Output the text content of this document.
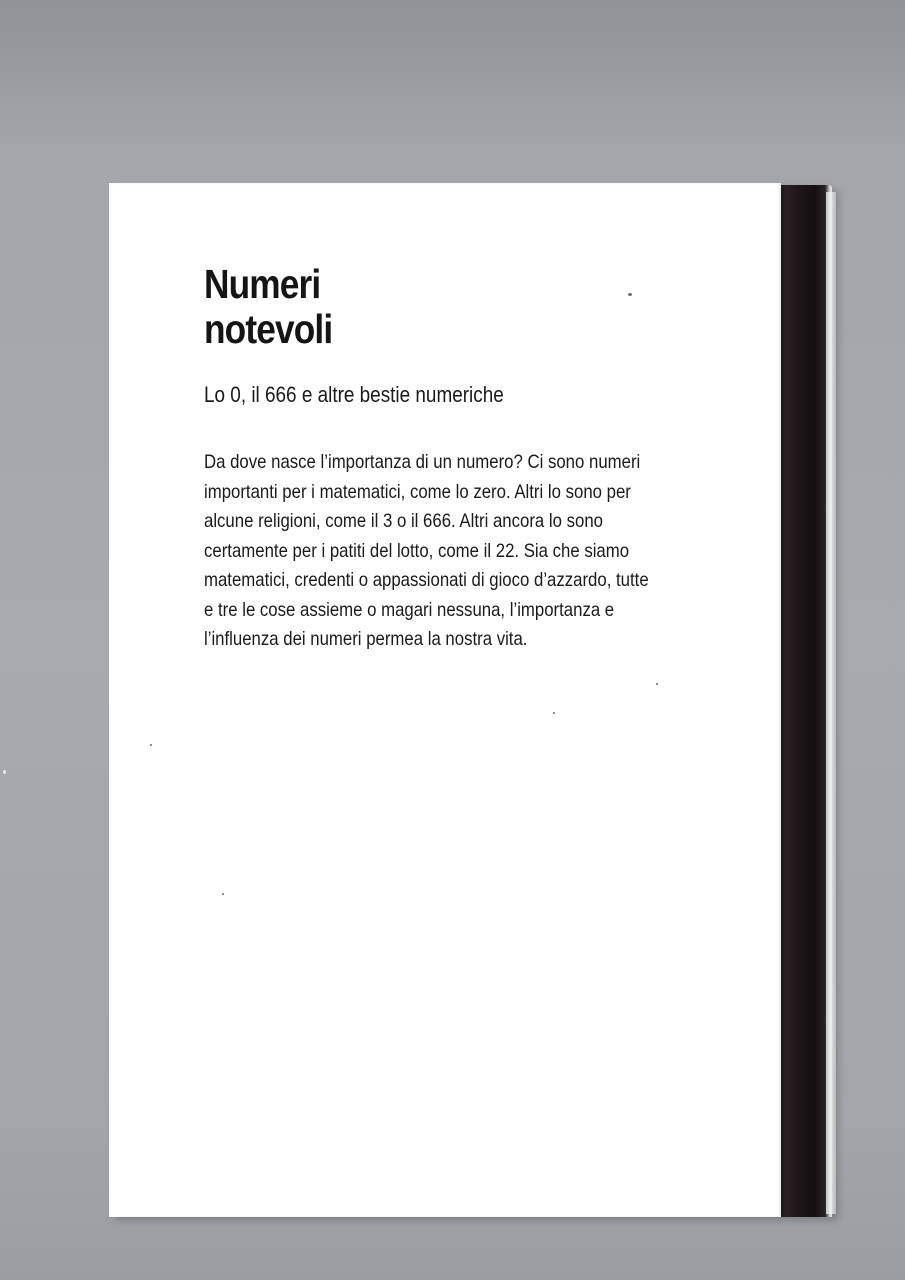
Numeri
notevoli

Lo 0, il 666 e altre bestie numeriche

Da dove nasce l’importanza di un numero? Ci sono numeri
importanti per i matematici, come lo zero. Altri lo sono per
alcune religioni, come il 3 o il 666. Altri ancora lo sono
certamente per i patiti del lotto, come il 22. Sia che siamo
matematici, credenti o appassionati di gioco d’azzardo, tutte
e tre le cose assieme o magari nessuna, l’importanza e
l’influenza dei numeri permea la nostra vita.
